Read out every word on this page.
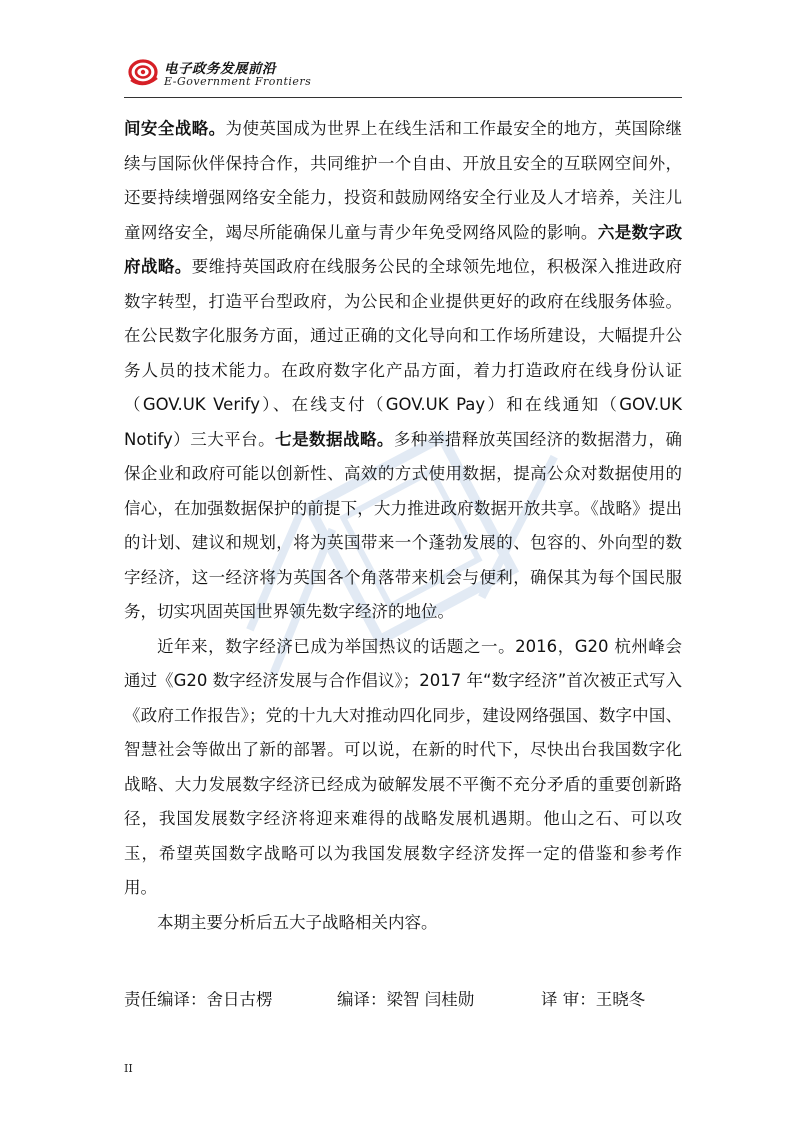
电子政务发展前沿
E-Government Frontiers

间安全战略。为使英国成为世界上在线生活和工作最安全的地方，英国除继续与国际伙伴保持合作，共同维护一个自由、开放且安全的互联网空间外，还要持续增强网络安全能力，投资和鼓励网络安全行业及人才培养，关注儿童网络安全，竭尽所能确保儿童与青少年免受网络风险的影响。六是数字政府战略。要维持英国政府在线服务公民的全球领先地位，积极深入推进政府数字转型，打造平台型政府，为公民和企业提供更好的政府在线服务体验。在公民数字化服务方面，通过正确的文化导向和工作场所建设，大幅提升公务人员的技术能力。在政府数字化产品方面，着力打造政府在线身份认证（GOV.UK Verify）、在线支付（GOV.UK Pay）和在线通知（GOV.UK Notify）三大平台。七是数据战略。多种举措释放英国经济的数据潜力，确保企业和政府可能以创新性、高效的方式使用数据，提高公众对数据使用的信心，在加强数据保护的前提下，大力推进政府数据开放共享。《战略》提出的计划、建议和规划，将为英国带来一个蓬勃发展的、包容的、外向型的数字经济，这一经济将为英国各个角落带来机会与便利，确保其为每个国民服务，切实巩固英国世界领先数字经济的地位。

近年来，数字经济已成为举国热议的话题之一。2016，G20 杭州峰会通过《G20 数字经济发展与合作倡议》；2017 年“数字经济”首次被正式写入《政府工作报告》；党的十九大对推动四化同步，建设网络强国、数字中国、智慧社会等做出了新的部署。可以说，在新的时代下，尽快出台我国数字化战略、大力发展数字经济已经成为破解发展不平衡不充分矛盾的重要创新路径，我国发展数字经济将迎来难得的战略发展机遇期。他山之石、可以攻玉，希望英国数字战略可以为我国发展数字经济发挥一定的借鉴和参考作用。

本期主要分析后五大子战略相关内容。

责任编译：舍日古楞	编译：梁智 闫桂勋	译 审：王晓冬
II
